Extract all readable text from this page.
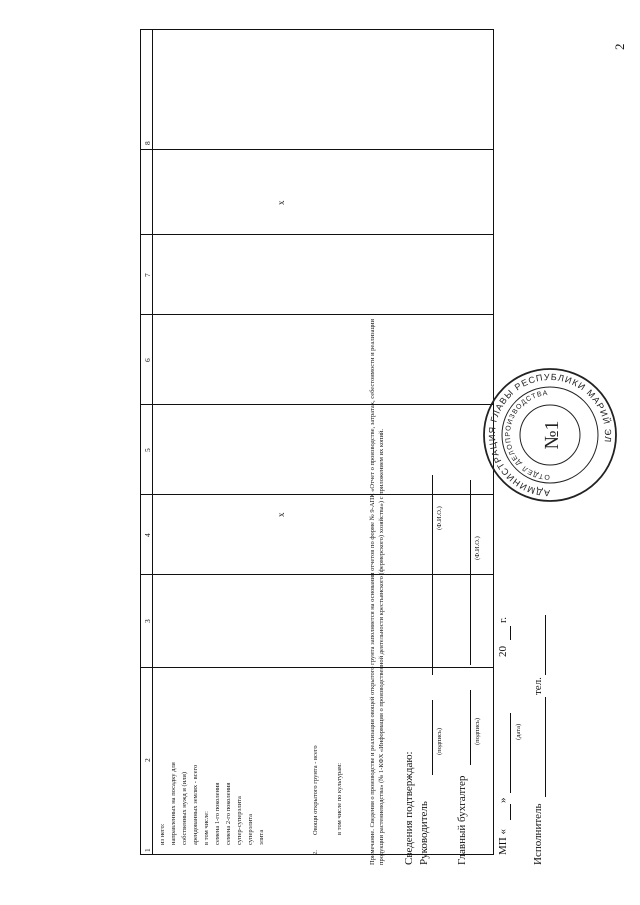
2
1
2
3
4
5
6
7
8
из него: направленных на посадку для собственных нужд и (или) арендованных землях - всего в том числе: семена 1-го поколения семена 2-го поколения супер-суперэлита суперэлита элита
x
x
2.
Овощи открытого грунта - всего	в том числе по культурам:	Примечание. Сведения о производстве и реализации овощей открытого грунта заполняется на основании отчетов по форме № 9-АПК «Отчет о производстве, затратах, себестоимости и реализации продукции растениеводства» (№ 1-КФХ «Информация о производственной деятельности крестьянского (фермерского) хозяйства») с приложением их копий. Сведения подтверждаю: Руководитель
(подпись)
(Ф.И.О.)
Главный бухгалтер
(подпись)
(Ф.И.О.)
МП «
»
20
г.
(дата)
Исполнитель
тел.
АДМИНИСТРАЦИЯ ГЛАВЫ РЕСПУБЛИКИ МАРИЙ ЭЛ
ОТДЕЛ ДЕЛОПРОИЗВОДСТВА
№1
